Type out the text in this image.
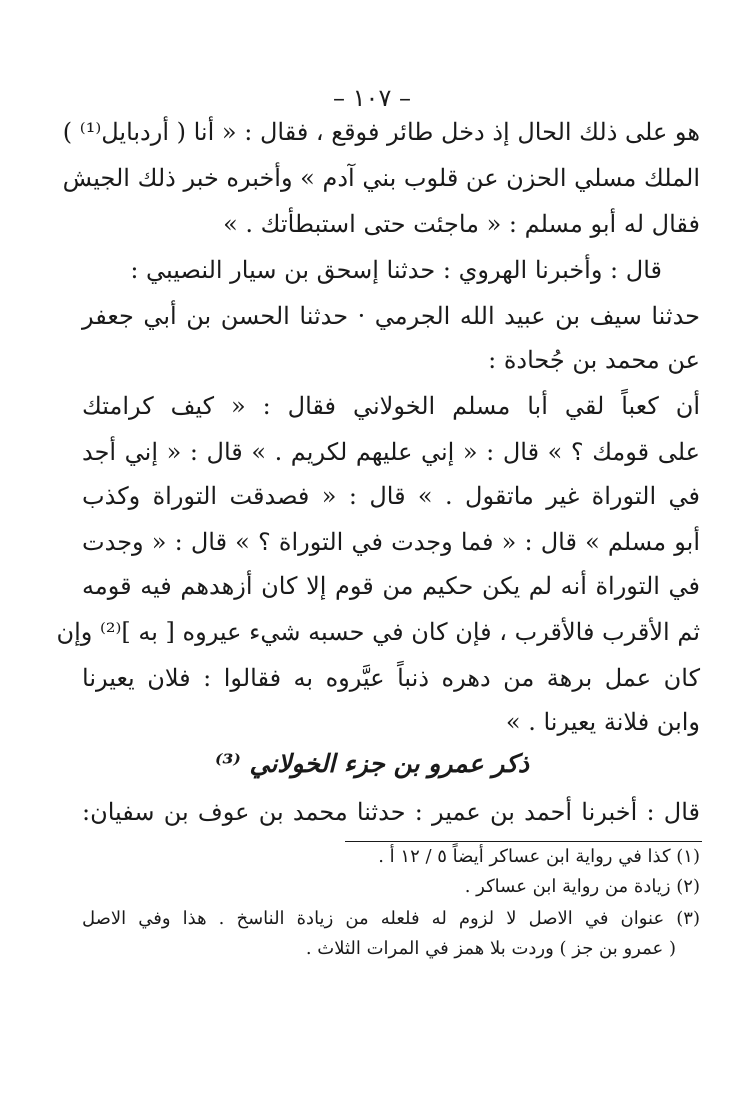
– ١٠٧ –
هو على ذلك الحال إذ دخل طائر فوقع ، فقال : « أنا ( أردبايل⁽¹⁾ )
الملك مسلي الحزن عن قلوب بني آدم » وأخبره خبر ذلك الجيش
فقال له أبو مسلم : « ماجئت حتى استبطأتك . »
قال : وأخبرنا الهروي : حدثنا إسحق بن سيار النصيبي :
حدثنا سيف بن عبيد الله الجرمي · حدثنا الحسن بن أبي جعفر
عن محمد بن جُحادة :
أن كعباً لقي أبا مسلم الخولاني فقال : « كيف كرامتك
على قومك ؟ » قال : « إني عليهم لكريم . » قال : « إني أجد
في التوراة غير ماتقول . » قال : « فصدقت التوراة وكذب
أبو مسلم » قال : « فما وجدت في التوراة ؟ » قال : « وجدت
في التوراة أنه لم يكن حكيم من قوم إلا كان أزهدهم فيه قومه
ثم الأقرب فالأقرب ، فإن كان في حسبه شيء عيروه [ به ]⁽²⁾ وإن
كان عمل برهة من دهره ذنباً عيَّروه به فقالوا : فلان يعيرنا
وابن فلانة يعيرنا . »
ذكر عمرو بن جزء الخولاني ⁽³⁾
قال : أخبرنا أحمد بن عمير : حدثنا محمد بن عوف بن سفيان:
(١) كذا في رواية ابن عساكر أيضاً ٥ / ١٢ أ .
(٢) زيادة من رواية ابن عساكر .
(٣) عنوان في الاصل لا لزوم له فلعله من زيادة الناسخ . هذا وفي الاصل
( عمرو بن جز ) وردت بلا همز في المرات الثلاث .
